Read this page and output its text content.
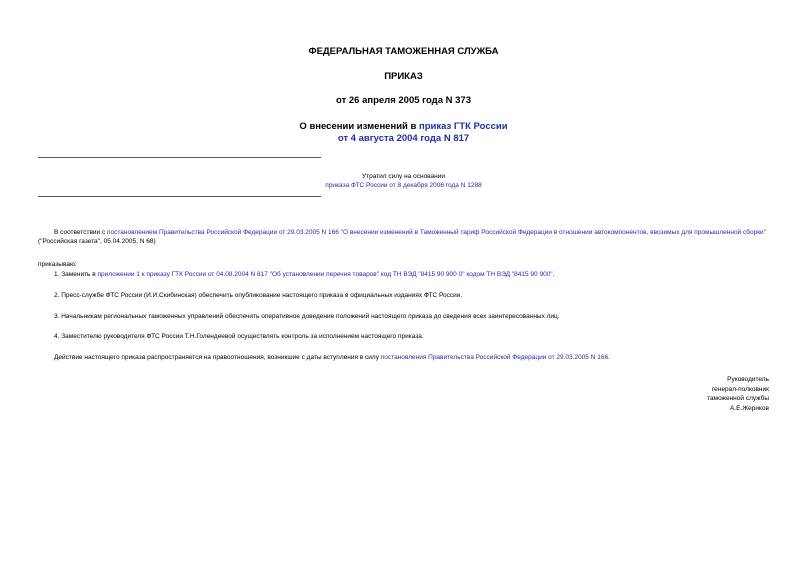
ФЕДЕРАЛЬНАЯ ТАМОЖЕННАЯ СЛУЖБА
ПРИКАЗ
от 26 апреля 2005 года N 373
О внесении изменений в приказ ГТК России
от 4 августа 2004 года N 817
Утратил силу на основании
приказа ФТС России от 8 декабря 2006 года N 1288
В соответствии с постановлением Правительства Российской Федерации от 29.03.2005 N 166 "О внесении изменений в Таможенный тариф Российской Федерации в отношении автокомпонентов, ввозимых для промышленной сборки" ("Российская газета", 05.04.2005, N 68)
приказываю:
1. Заменить в приложении 1 к приказу ГТК России от 04.08.2004 N 817 "Об установлении перечня товаров" код ТН ВЭД "8415 90 900 0" кодом ТН ВЭД "8415 90 900".
2. Пресс-службе ФТС России (И.И.Скибинская) обеспечить опубликование настоящего приказа в официальных изданиях ФТС России.
3. Начальникам региональных таможенных управлений обеспечить оперативное доведение положений настоящего приказа до сведения всех заинтересованных лиц.
4. Заместителю руководителя ФТС России Т.Н.Голендеевой осуществлять контроль за исполнением настоящего приказа.
Действие настоящего приказа распространяется на правоотношения, возникшие с даты вступления в силу постановления Правительства Российской Федерации от 29.03.2005 N 166.
Руководитель
генерал-полковник
таможенной службы
А.Е.Жериков
